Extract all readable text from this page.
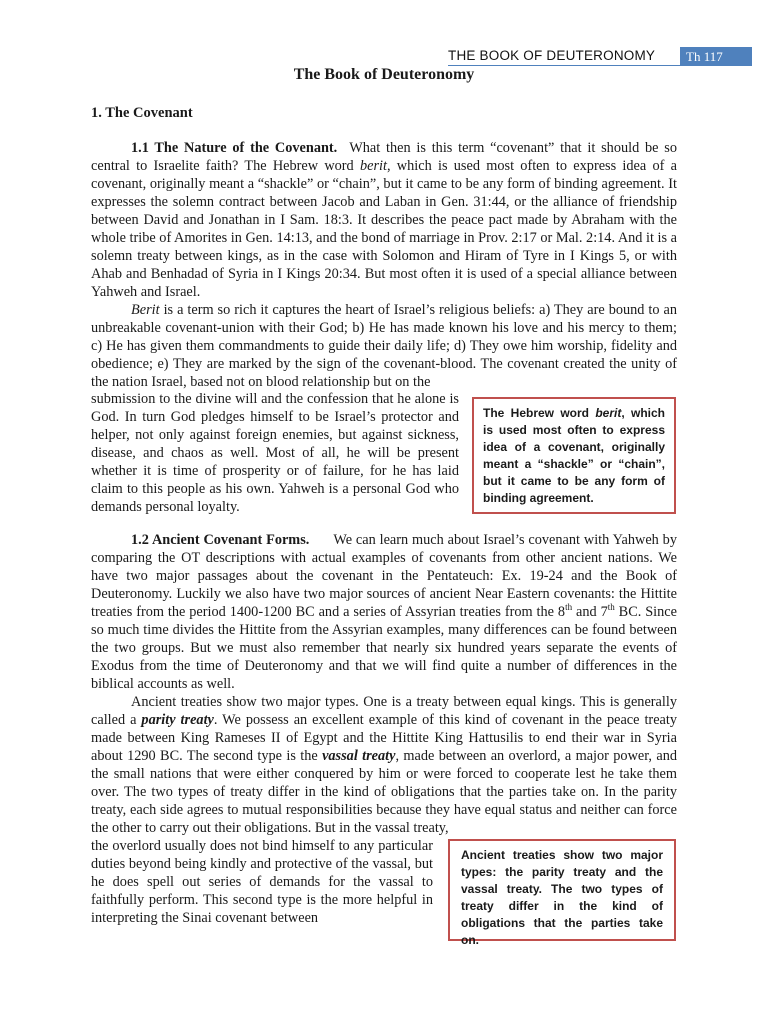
THE BOOK OF DEUTERONOMY	Th 117
The Book of Deuteronomy
1. The Covenant

1.1 The Nature of the Covenant. What then is this term “covenant” that it should be so central to Israelite faith? The Hebrew word berit, which is used most often to express idea of a covenant, originally meant a “shackle” or “chain”, but it came to be any form of binding agreement. It expresses the solemn contract between Jacob and Laban in Gen. 31:44, or the alliance of friendship between David and Jonathan in I Sam. 18:3. It describes the peace pact made by Abraham with the whole tribe of Amorites in Gen. 14:13, and the bond of marriage in Prov. 2:17 or Mal. 2:14. And it is a solemn treaty between kings, as in the case with Solomon and Hiram of Tyre in I Kings 5, or with Ahab and Benhadad of Syria in I Kings 20:34. But most often it is used of a special alliance between Yahweh and Israel.

Berit is a term so rich it captures the heart of Israel’s religious beliefs: a) They are bound to an unbreakable covenant-union with their God; b) He has made known his love and his mercy to them; c) He has given them commandments to guide their daily life; d) They owe him worship, fidelity and obedience; e) They are marked by the sign of the covenant-blood. The covenant created the unity of the nation Israel, based not on blood relationship but on the

submission to the divine will and the confession that he alone is God. In turn God pledges himself to be Israel’s protector and helper, not only against foreign enemies, but against sickness, disease, and chaos as well. Most of all, he will be present whether it is time of prosperity or of failure, for he has laid claim to this people as his own. Yahweh is a personal God who demands personal loyalty.

The Hebrew word berit, which is used most often to express idea of a covenant, originally meant a “shackle” or “chain”, but it came to be any form of binding agreement.

1.2 Ancient Covenant Forms. We can learn much about Israel’s covenant with Yahweh by comparing the OT descriptions with actual examples of covenants from other ancient nations. We have two major passages about the covenant in the Pentateuch: Ex. 19-24 and the Book of Deuteronomy. Luckily we also have two major sources of ancient Near Eastern covenants: the Hittite treaties from the period 1400-1200 BC and a series of Assyrian treaties from the 8th and 7th BC. Since so much time divides the Hittite from the Assyrian examples, many differences can be found between the two groups. But we must also remember that nearly six hundred years separate the events of Exodus from the time of Deuteronomy and that we will find quite a number of differences in the biblical accounts as well.

Ancient treaties show two major types. One is a treaty between equal kings. This is generally called a parity treaty. We possess an excellent example of this kind of covenant in the peace treaty made between King Rameses II of Egypt and the Hittite King Hattusilis to end their war in Syria about 1290 BC. The second type is the vassal treaty, made between an overlord, a major power, and the small nations that were either conquered by him or were forced to cooperate lest he take them over. The two types of treaty differ in the kind of obligations that the parties take on. In the parity treaty, each side agrees to mutual responsibilities because they have equal status and neither can force the other to carry out their obligations. But in the vassal treaty,

the overlord usually does not bind himself to any particular duties beyond being kindly and protective of the vassal, but he does spell out series of demands for the vassal to faithfully perform. This second type is the more helpful in interpreting the Sinai covenant between

Ancient treaties show two major types: the parity treaty and the vassal treaty. The two types of treaty differ in the kind of obligations that the parties take on.
